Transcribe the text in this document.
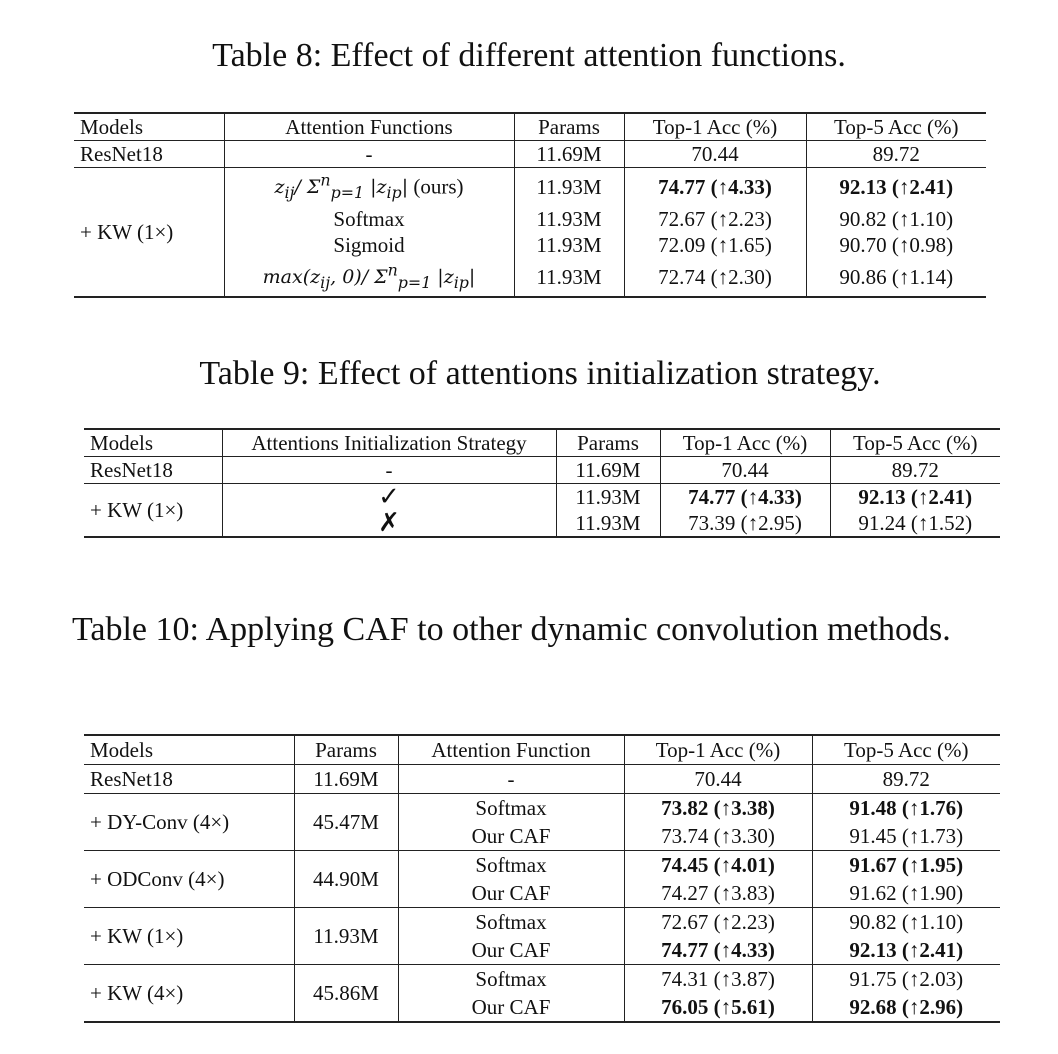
Table 8: Effect of different attention functions.
Models	Attention Functions	Params	Top-1 Acc (%)	Top-5 Acc (%)
ResNet18	-	11.69M	70.44	89.72
+ KW (1×)	$z_{ij}/$ $\Sigma^n_{p=1}$ $|z_{ip}|$ (ours)	11.93M	74.77 (↑4.33)	92.13 (↑2.41)
	Softmax	11.93M	72.67 (↑2.23)	90.82 (↑1.10)
	Sigmoid	11.93M	72.09 (↑1.65)	90.70 (↑0.98)
	$\max(z_{ij}$, 0)/ $\Sigma^n_{p=1}$ $|z_{ip}|$	11.93M	72.74 (↑2.30)	90.86 (↑1.14)
Table 9: Effect of attentions initialization strategy.
Models	Attentions Initialization Strategy	Params	Top-1 Acc (%)	Top-5 Acc (%)
ResNet18	-	11.69M	70.44	89.72
+ KW (1×)	✓	11.93M	74.77 (↑4.33)	92.13 (↑2.41)
	✗	11.93M	73.39 (↑2.95)	91.24 (↑1.52)
Table 10: Applying CAF to other dynamic convolution methods.
Models	Params	Attention Function	Top-1 Acc (%)	Top-5 Acc (%)
ResNet18	11.69M	-	70.44	89.72
+ DY-Conv (4×)	45.47M	Softmax	73.82 (↑3.38)	91.48 (↑1.76)
		Our CAF	73.74 (↑3.30)	91.45 (↑1.73)
+ ODConv (4×)	44.90M	Softmax	74.45 (↑4.01)	91.67 (↑1.95)
		Our CAF	74.27 (↑3.83)	91.62 (↑1.90)
+ KW (1×)	11.93M	Softmax	72.67 (↑2.23)	90.82 (↑1.10)
		Our CAF	74.77 (↑4.33)	92.13 (↑2.41)
+ KW (4×)	45.86M	Softmax	74.31 (↑3.87)	91.75 (↑2.03)
		Our CAF	76.05 (↑5.61)	92.68 (↑2.96)
